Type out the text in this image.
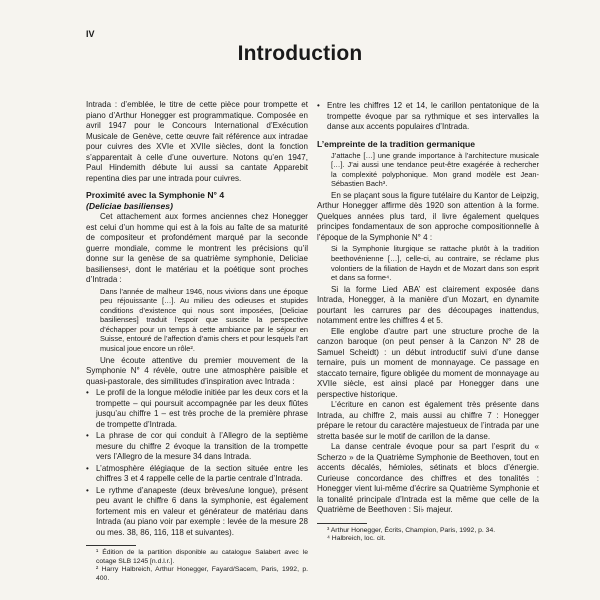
IV
Introduction

Intrada : d’emblée, le titre de cette pièce pour trompette et piano d’Arthur Honegger est programmatique. Composée en avril 1947 pour le Concours International d’Exécution Musicale de Genève, cette œuvre fait référence aux intradae pour cuivres des XVIe et XVIIe siècles, dont la fonction s’apparentait à celle d’une ouverture. Notons qu’en 1947, Paul Hindemith débute lui aussi sa cantate Apparebit repentina dies par une intrada pour cuivres.

Proximité avec la Symphonie N° 4
(Deliciae basilienses)

Cet attachement aux formes anciennes chez Honegger est celui d’un homme qui est à la fois au faîte de sa maturité de compositeur et profondément marqué par la seconde guerre mondiale, comme le montrent les précisions qu’il donne sur la genèse de sa quatrième symphonie, Deliciae basilienses¹, dont le matériau et la poétique sont proches d’Intrada :

Dans l’année de malheur 1946, nous vivions dans une époque peu réjouissante […]. Au milieu des odieuses et stupides conditions d’existence qui nous sont imposées, [Deliciae basilienses] traduit l’espoir que suscite la perspective d’échapper pour un temps à cette ambiance par le séjour en Suisse, entouré de l’affection d’amis chers et pour lesquels l’art musical joue encore un rôle².

Une écoute attentive du premier mouvement de la Symphonie N° 4 révèle, outre une atmosphère paisible et quasi-pastorale, des similitudes d’inspiration avec Intrada :

• Le profil de la longue mélodie initiée par les deux cors et la trompette – qui poursuit accompagnée par les deux flûtes jusqu’au chiffre 1 – est très proche de la première phrase de trompette d’Intrada.
• La phrase de cor qui conduit à l’Allegro de la septième mesure du chiffre 2 évoque la transition de la trompette vers l’Allegro de la mesure 34 dans Intrada.
• L’atmosphère élégiaque de la section située entre les chiffres 3 et 4 rappelle celle de la partie centrale d’Intrada.
• Le rythme d’anapeste (deux brèves/une longue), présent peu avant le chiffre 6 dans la symphonie, est également fortement mis en valeur et générateur de matériau dans Intrada (au piano voir par exemple : levée de la mesure 28 ou mes. 38, 86, 116, 118 et suivantes).
¹ Édition de la partition disponible au catalogue Salabert avec le cotage SLB 1245 [n.d.l.r.].
² Harry Halbreich, Arthur Honegger, Fayard/Sacem, Paris, 1992, p. 400.
• Entre les chiffres 12 et 14, le carillon pentatonique de la trompette évoque par sa rythmique et ses intervalles la danse aux accents populaires d’Intrada.
L’empreinte de la tradition germanique
J’attache […] une grande importance à l’architecture musicale […]. J’ai aussi une tendance peut-être exagérée à rechercher la complexité polyphonique. Mon grand modèle est Jean-Sébastien Bach³.

En se plaçant sous la figure tutélaire du Kantor de Leipzig, Arthur Honegger affirme dès 1920 son attention à la forme. Quelques années plus tard, il livre également quelques principes fondamentaux de son approche compositionnelle à l’époque de la Symphonie N° 4 :

Si la Symphonie liturgique se rattache plutôt à la tradition beethovénienne […], celle-ci, au contraire, se réclame plus volontiers de la filiation de Haydn et de Mozart dans son esprit et dans sa forme⁴.

Si la forme Lied ABA’ est clairement exposée dans Intrada, Honegger, à la manière d’un Mozart, en dynamite pourtant les carrures par des découpages inattendus, notamment entre les chiffres 4 et 5.

Elle englobe d’autre part une structure proche de la canzon baroque (on peut penser à la Canzon N° 28 de Samuel Scheidt) : un début introductif suivi d’une danse ternaire, puis un moment de monnayage. Ce passage en staccato ternaire, figure obligée du moment de monnayage au XVIIe siècle, est ainsi placé par Honegger dans une perspective historique.

L’écriture en canon est également très présente dans Intrada, au chiffre 2, mais aussi au chiffre 7 : Honegger prépare le retour du caractère majestueux de l’intrada par une stretta basée sur le motif de carillon de la danse.

La danse centrale évoque pour sa part l’esprit du « Scherzo » de la Quatrième Symphonie de Beethoven, tout en accents décalés, hémioles, sétinats et blocs d’énergie. Curieuse concordance des chiffres et des tonalités : Honegger vient lui-même d’écrire sa Quatrième Symphonie et la tonalité principale d’Intrada est la même que celle de la Quatrième de Beethoven : Si♭ majeur.

³ Arthur Honegger, Écrits, Champion, Paris, 1992, p. 34.
⁴ Halbreich, loc. cit.
